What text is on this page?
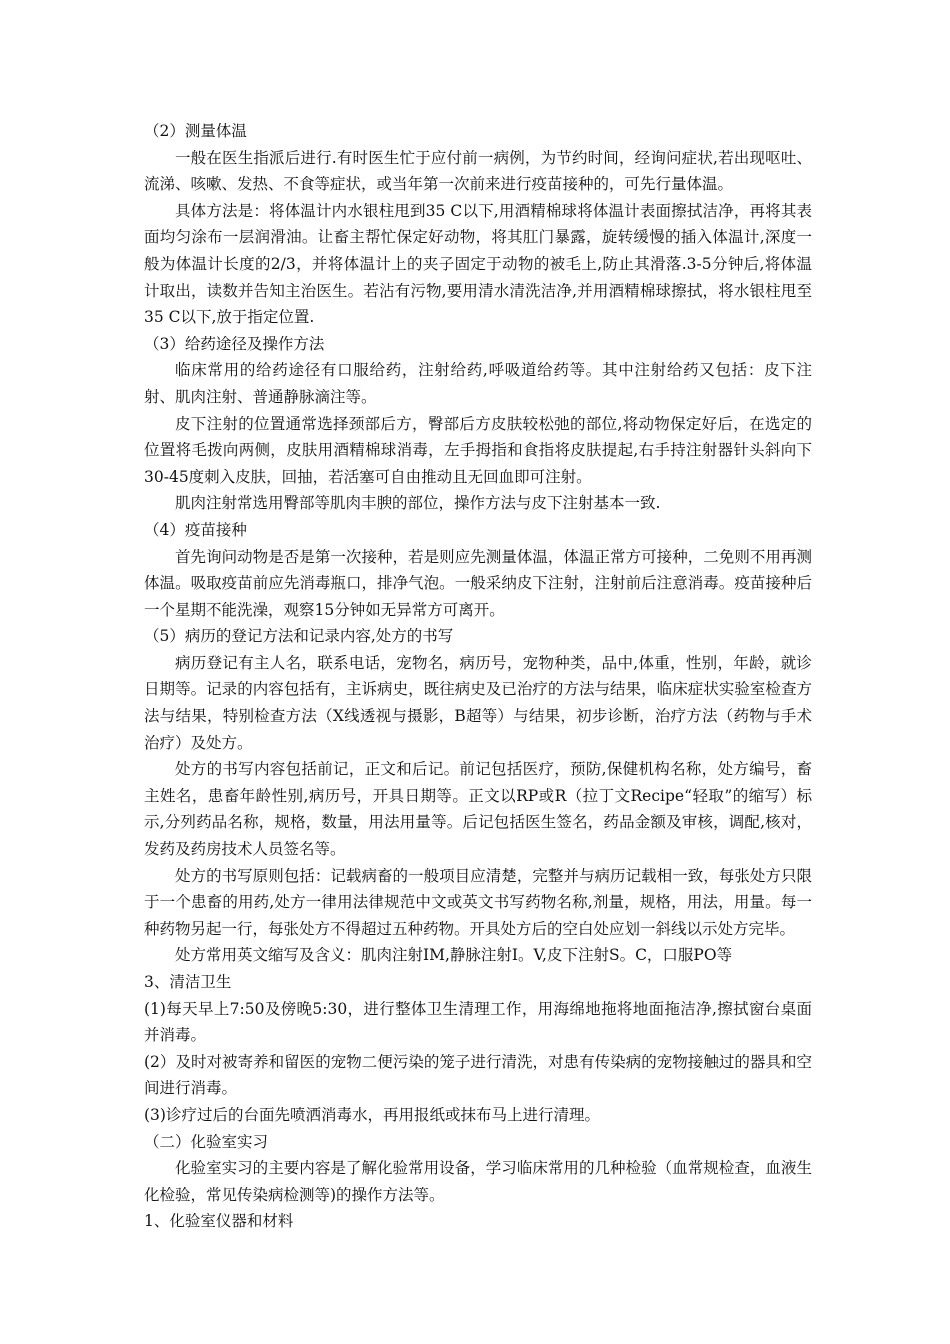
（2）测量体温

一般在医生指派后进行.有时医生忙于应付前一病例，为节约时间，经询问症状,若出现呕吐、流涕、咳嗽、发热、不食等症状，或当年第一次前来进行疫苗接种的，可先行量体温。

具体方法是：将体温计内水银柱甩到35 C以下,用酒精棉球将体温计表面擦拭洁净，再将其表面均匀涂布一层润滑油。让畜主帮忙保定好动物，将其肛门暴露，旋转缓慢的插入体温计,深度一般为体温计长度的2/3，并将体温计上的夹子固定于动物的被毛上,防止其滑落.3-5分钟后,将体温计取出，读数并告知主治医生。若沾有污物,要用清水清洗洁净,并用酒精棉球擦拭，将水银柱甩至35 C以下,放于指定位置.

（3）给药途径及操作方法

临床常用的给药途径有口服给药，注射给药,呼吸道给药等。其中注射给药又包括：皮下注射、肌肉注射、普通静脉滴注等。

皮下注射的位置通常选择颈部后方，臀部后方皮肤较松弛的部位,将动物保定好后，在选定的位置将毛拨向两侧，皮肤用酒精棉球消毒，左手拇指和食指将皮肤提起,右手持注射器针头斜向下30-45度刺入皮肤，回抽，若活塞可自由推动且无回血即可注射。

肌肉注射常选用臀部等肌肉丰腴的部位，操作方法与皮下注射基本一致.

（4）疫苗接种

首先询问动物是否是第一次接种，若是则应先测量体温，体温正常方可接种，二免则不用再测体温。吸取疫苗前应先消毒瓶口，排净气泡。一般采纳皮下注射，注射前后注意消毒。疫苗接种后一个星期不能洗澡，观察15分钟如无异常方可离开。

（5）病历的登记方法和记录内容,处方的书写

病历登记有主人名，联系电话，宠物名，病历号，宠物种类，品中,体重，性别，年龄，就诊日期等。记录的内容包括有，主诉病史，既往病史及已治疗的方法与结果，临床症状实验室检查方法与结果，特别检查方法（X线透视与摄影，B超等）与结果，初步诊断，治疗方法（药物与手术治疗）及处方。

处方的书写内容包括前记，正文和后记。前记包括医疗，预防,保健机构名称，处方编号，畜主姓名，患畜年龄性别,病历号，开具日期等。正文以RP或R（拉丁文Recipe“轻取”的缩写）标示,分列药品名称，规格，数量，用法用量等。后记包括医生签名，药品金额及审核，调配,核对，发药及药房技术人员签名等。

处方的书写原则包括：记载病畜的一般项目应清楚，完整并与病历记载相一致，每张处方只限于一个患畜的用药,处方一律用法律规范中文或英文书写药物名称,剂量，规格，用法，用量。每一种药物另起一行，每张处方不得超过五种药物。开具处方后的空白处应划一斜线以示处方完毕。

处方常用英文缩写及含义：肌肉注射IM,静脉注射I。V,皮下注射S。C，口服PO等

3、清洁卫生

(1)每天早上7:50及傍晚5:30，进行整体卫生清理工作，用海绵地拖将地面拖洁净,擦拭窗台桌面并消毒。

(2）及时对被寄养和留医的宠物二便污染的笼子进行清洗，对患有传染病的宠物接触过的器具和空间进行消毒。

(3)诊疗过后的台面先喷洒消毒水，再用报纸或抹布马上进行清理。

（二）化验室实习

化验室实习的主要内容是了解化验常用设备，学习临床常用的几种检验（血常规检查，血液生化检验，常见传染病检测等)的操作方法等。

1、化验室仪器和材料
